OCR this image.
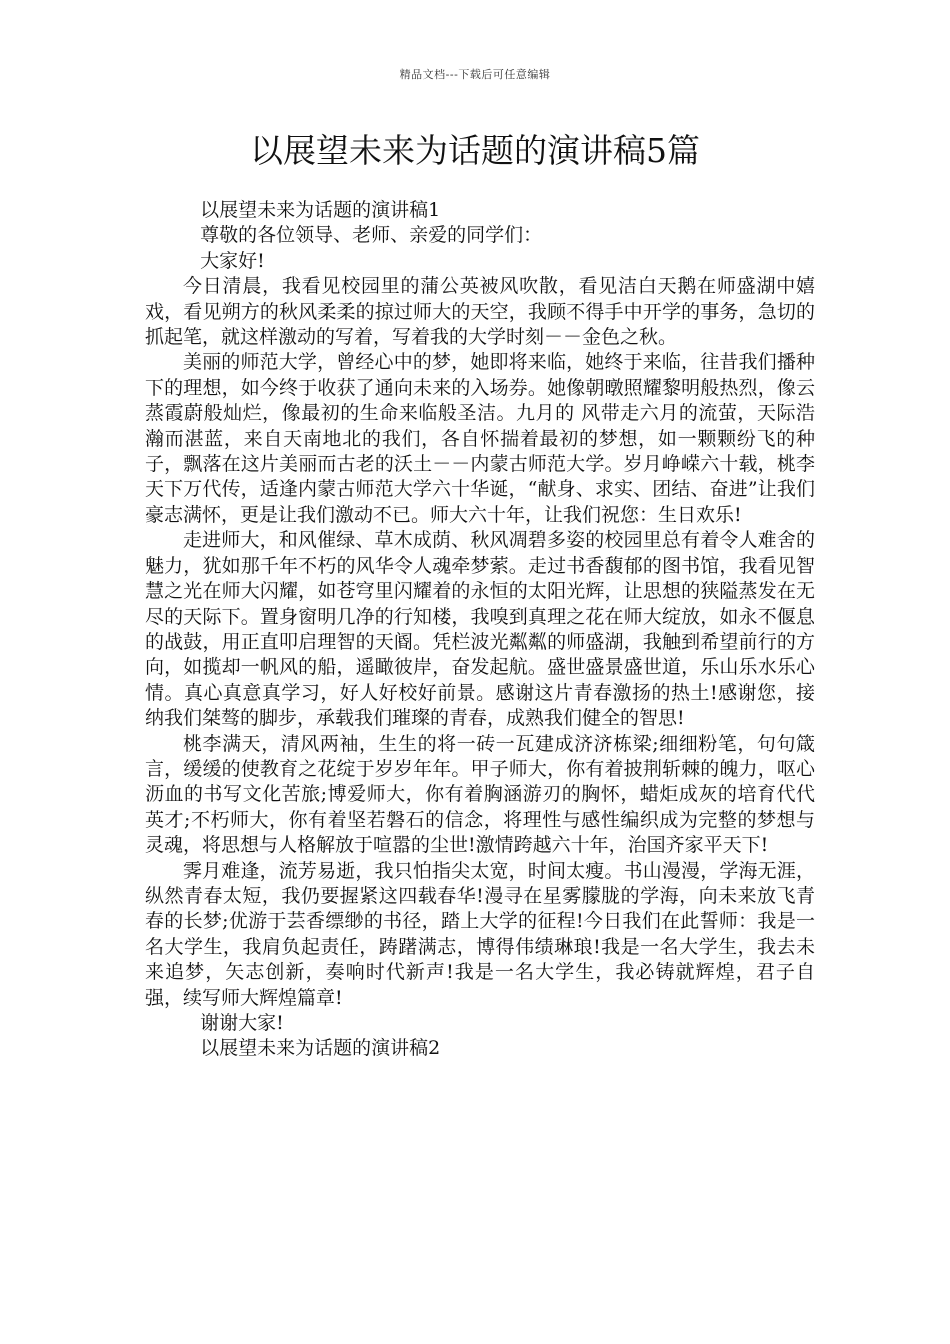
精品文档---下载后可任意编辑
以展望未来为话题的演讲稿5篇

以展望未来为话题的演讲稿1

尊敬的各位领导、老师、亲爱的同学们：

大家好!

今日清晨，我看见校园里的蒲公英被风吹散，看见洁白天鹅在师盛湖中嬉戏，看见朔方的秋风柔柔的掠过师大的天空，我顾不得手中开学的事务，急切的抓起笔，就这样激动的写着，写着我的大学时刻－－金色之秋。

美丽的师范大学，曾经心中的梦，她即将来临，她终于来临，往昔我们播种下的理想，如今终于收获了通向未来的入场券。她像朝暾照耀黎明般热烈，像云蒸霞蔚般灿烂，像最初的生命来临般圣洁。九月的 风带走六月的流萤，天际浩瀚而湛蓝，来自天南地北的我们，各自怀揣着最初的梦想，如一颗颗纷飞的种子，飘落在这片美丽而古老的沃土－－内蒙古师范大学。岁月峥嵘六十载，桃李天下万代传，适逢内蒙古师范大学六十华诞，“献身、求实、团结、奋进”让我们豪志满怀，更是让我们激动不已。师大六十年，让我们祝您：生日欢乐!

走进师大，和风催绿、草木成荫、秋风凋碧多姿的校园里总有着令人难舍的魅力，犹如那千年不朽的风华令人魂牵梦萦。走过书香馥郁的图书馆，我看见智慧之光在师大闪耀，如苍穹里闪耀着的永恒的太阳光辉，让思想的狭隘蒸发在无尽的天际下。置身窗明几净的行知楼，我嗅到真理之花在师大绽放，如永不偃息的战鼓，用正直叩启理智的天阍。凭栏波光粼粼的师盛湖，我触到希望前行的方向，如揽却一帆风的船，遥瞰彼岸，奋发起航。盛世盛景盛世道，乐山乐水乐心情。真心真意真学习，好人好校好前景。感谢这片青春激扬的热土!感谢您，接纳我们桀骜的脚步，承载我们璀璨的青春，成熟我们健全的智思!

桃李满天，清风两袖，生生的将一砖一瓦建成济济栋梁;细细粉笔，句句箴言，缓缓的使教育之花绽于岁岁年年。甲子师大，你有着披荆斩棘的魄力，呕心沥血的书写文化苦旅;博爱师大，你有着胸涵游刃的胸怀，蜡炬成灰的培育代代英才;不朽师大，你有着坚若磐石的信念，将理性与感性编织成为完整的梦想与灵魂，将思想与人格解放于喧嚣的尘世!激情跨越六十年，治国齐家平天下!

霁月难逢，流芳易逝，我只怕指尖太宽，时间太瘦。书山漫漫，学海无涯，纵然青春太短，我仍要握紧这四载春华!漫寻在星雾朦胧的学海，向未来放飞青春的长梦;优游于芸香缥缈的书径，踏上大学的征程!今日我们在此誓师：我是一名大学生，我肩负起责任，踌躇满志，博得伟绩琳琅!我是一名大学生，我去未来追梦，矢志创新，奏响时代新声!我是一名大学生，我必铸就辉煌，君子自强，续写师大辉煌篇章!

谢谢大家!

以展望未来为话题的演讲稿2
